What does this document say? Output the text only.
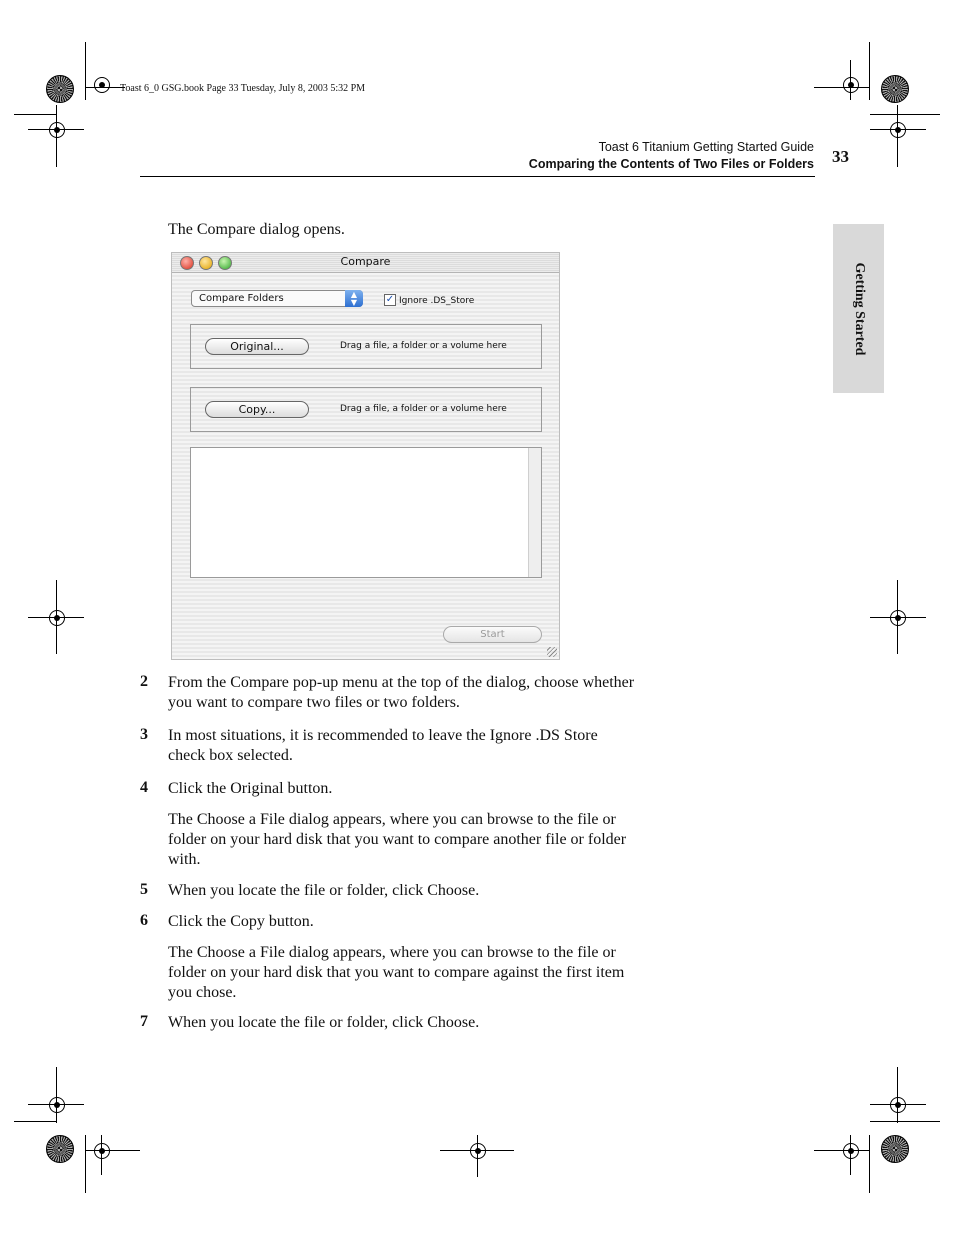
Toast 6_0 GSG.book Page 33 Tuesday, July 8, 2003 5:32 PM
Toast 6 Titanium Getting Started Guide
Comparing the Contents of Two Files or Folders 33
Getting Started
The Compare dialog opens.
Compare
Compare Folders	▲
▼	✓ Ignore .DS_Store
Original...	Drag a file, a folder or a volume here
Copy...	Drag a file, a folder or a volume here
Start
2 From the Compare pop-up menu at the top of the dialog, choose whether you want to compare two files or two folders.
3 In most situations, it is recommended to leave the Ignore .DS Store check box selected.
4 Click the Original button.
The Choose a File dialog appears, where you can browse to the file or folder on your hard disk that you want to compare another file or folder with.
5 When you locate the file or folder, click Choose.
6 Click the Copy button.
The Choose a File dialog appears, where you can browse to the file or folder on your hard disk that you want to compare against the first item you chose.
7 When you locate the file or folder, click Choose.
